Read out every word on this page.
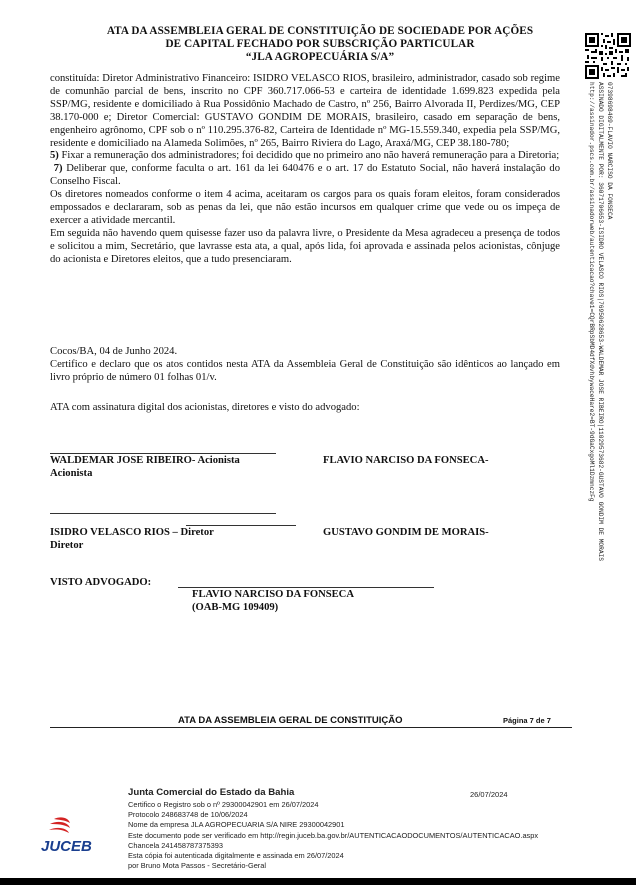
ATA DA ASSEMBLEIA GERAL DE CONSTITUIÇÃO DE SOCIEDADE POR AÇÕES
DE CAPITAL FECHADO POR SUBSCRIÇÃO PARTICULAR
“JLA AGROPECUÁRIA S/A”
http://assinador.pscs.com.br/assinadorweb/autenticacao?chave1=CQrBRpSbMD4dfXdvhbywaceHare2=BT-9dGaCxgoMl1DzmnczFg ASSINADO DIGITALMENTE POR: 36071706653-ISIDRO VELASCO RIOS|76950628653-WALDEMAR JOSE RIBEIRO|11029573682-GUSTAVO GONDIM DE MORAIS 07398698469-FLAVIO NARCISO DA FONSECA

constituída: Diretor Administrativo Financeiro: ISIDRO VELASCO RIOS, brasileiro, administrador, casado sob regime de comunhão parcial de bens, inscrito no CPF 360.717.066-53 e carteira de identidade 1.699.823 expedida pela SSP/MG, residente e domiciliado à Rua Possidônio Machado de Castro, nº 256, Bairro Alvorada II, Perdizes/MG, CEP 38.170-000 e; Diretor Comercial: GUSTAVO GONDIM DE MORAIS, brasileiro, casado em separação de bens, engenheiro agrônomo, CPF sob o nº 110.295.376-82, Carteira de Identidade nº MG-15.559.340, expedia pela SSP/MG, residente e domiciliado na Alameda Solimões, nº 265, Bairro Riviera do Lago, Araxá/MG, CEP 38.180-780;

5) Fixar a remuneração dos administradores; foi decidido que no primeiro ano não haverá remuneração para a Diretoria;

7) Deliberar que, conforme faculta o art. 161 da lei 640476 e o art. 17 do Estatuto Social, não haverá instalação do Conselho Fiscal.

Os diretores nomeados conforme o item 4 acima, aceitaram os cargos para os quais foram eleitos, foram considerados empossados e declararam, sob as penas da lei, que não estão incursos em qualquer crime que vede ou os impeça de exercer a atividade mercantil.

Em seguida não havendo quem quisesse fazer uso da palavra livre, o Presidente da Mesa agradeceu a presença de todos e solicitou a mim, Secretário, que lavrasse esta ata, a qual, após lida, foi aprovada e assinada pelos acionistas, cônjuge do acionista e Diretores eleitos, que a tudo presenciaram.

Cocos/BA, 04 de Junho 2024.

Certifico e declaro que os atos contidos nesta ATA da Assembleia Geral de Constituição são idênticos ao lançado em livro próprio de número 01 folhas 01/v.

ATA com assinatura digital dos acionistas, diretores e visto do advogado:
WALDEMAR JOSE RIBEIRO- Acionista
Acionista
FLAVIO NARCISO DA FONSECA-
ISIDRO VELASCO RIOS – Diretor
Diretor
GUSTAVO GONDIM DE MORAIS-
VISTO ADVOGADO:
FLAVIO NARCISO DA FONSECA
(OAB-MG 109409)
ATA DA ASSEMBLEIA GERAL DE CONSTITUIÇÃO	Página 7 de 7
JUCEB
Junta Comercial do Estado da Bahia
Certifico o Registro sob o nº 29300042901 em 26/07/2024
Protocolo 248683748 de 10/06/2024
Nome da empresa JLA AGROPECUARIA S/A NIRE 29300042901
Este documento pode ser verificado em http://regin.juceb.ba.gov.br/AUTENTICACAODOCUMENTOS/AUTENTICACAO.aspx
Chancela 241458787375393
Esta cópia foi autenticada digitalmente e assinada em 26/07/2024
por Bruno Mota Passos - Secretário-Geral
26/07/2024
